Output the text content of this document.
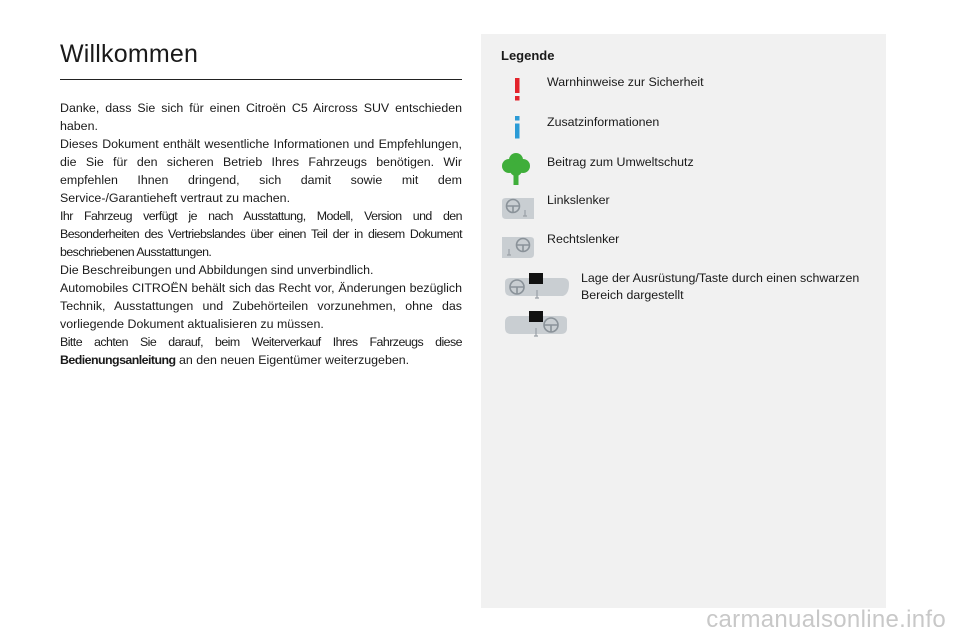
Willkommen

Danke, dass Sie sich für einen Citroën C5 Aircross SUV entschieden haben.

Dieses Dokument enthält wesentliche Informationen und Empfehlungen, die Sie für den sicheren Betrieb Ihres Fahrzeugs benötigen. Wir empfehlen Ihnen dringend, sich damit sowie mit dem Service-/Garantieheft vertraut zu machen.

Ihr Fahrzeug verfügt je nach Ausstattung, Modell, Version und den Besonderheiten des Vertriebslandes über einen Teil der in diesem Dokument beschriebenen Ausstattungen.

Die Beschreibungen und Abbildungen sind unverbindlich.

Automobiles CITROËN behält sich das Recht vor, Änderungen bezüglich Technik, Ausstattungen und Zubehörteilen vorzunehmen, ohne das vorliegende Dokument aktualisieren zu müssen.

Bitte achten Sie darauf, beim Weiterverkauf Ihres Fahrzeugs diese Bedienungsanleitung an den neuen Eigentümer weiterzugeben.

Legende
Warnhinweise zur Sicherheit
Zusatzinformationen
Beitrag zum Umweltschutz
Linkslenker
Rechtslenker
Lage der Ausrüstung/Taste durch einen schwarzen Bereich dargestellt
carmanualsonline.info
